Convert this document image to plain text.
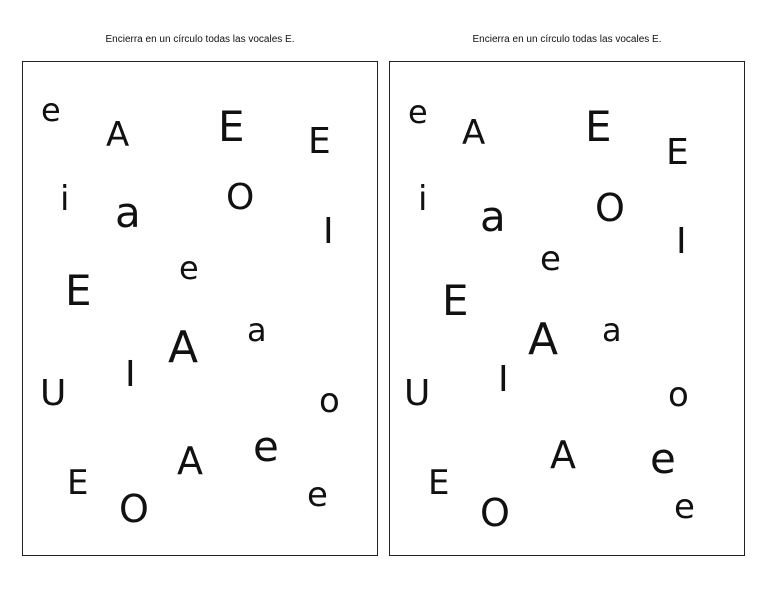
Encierra en un círculo todas las vocales E.
e
A E E
i a O
I
e
E
a
A
I
U	o
e
A
E
O	e
Encierra en un círculo todas las vocales E.
e
A E
E
i a O
I
e
E
a
A
I
U	o
A e
E
O	e
